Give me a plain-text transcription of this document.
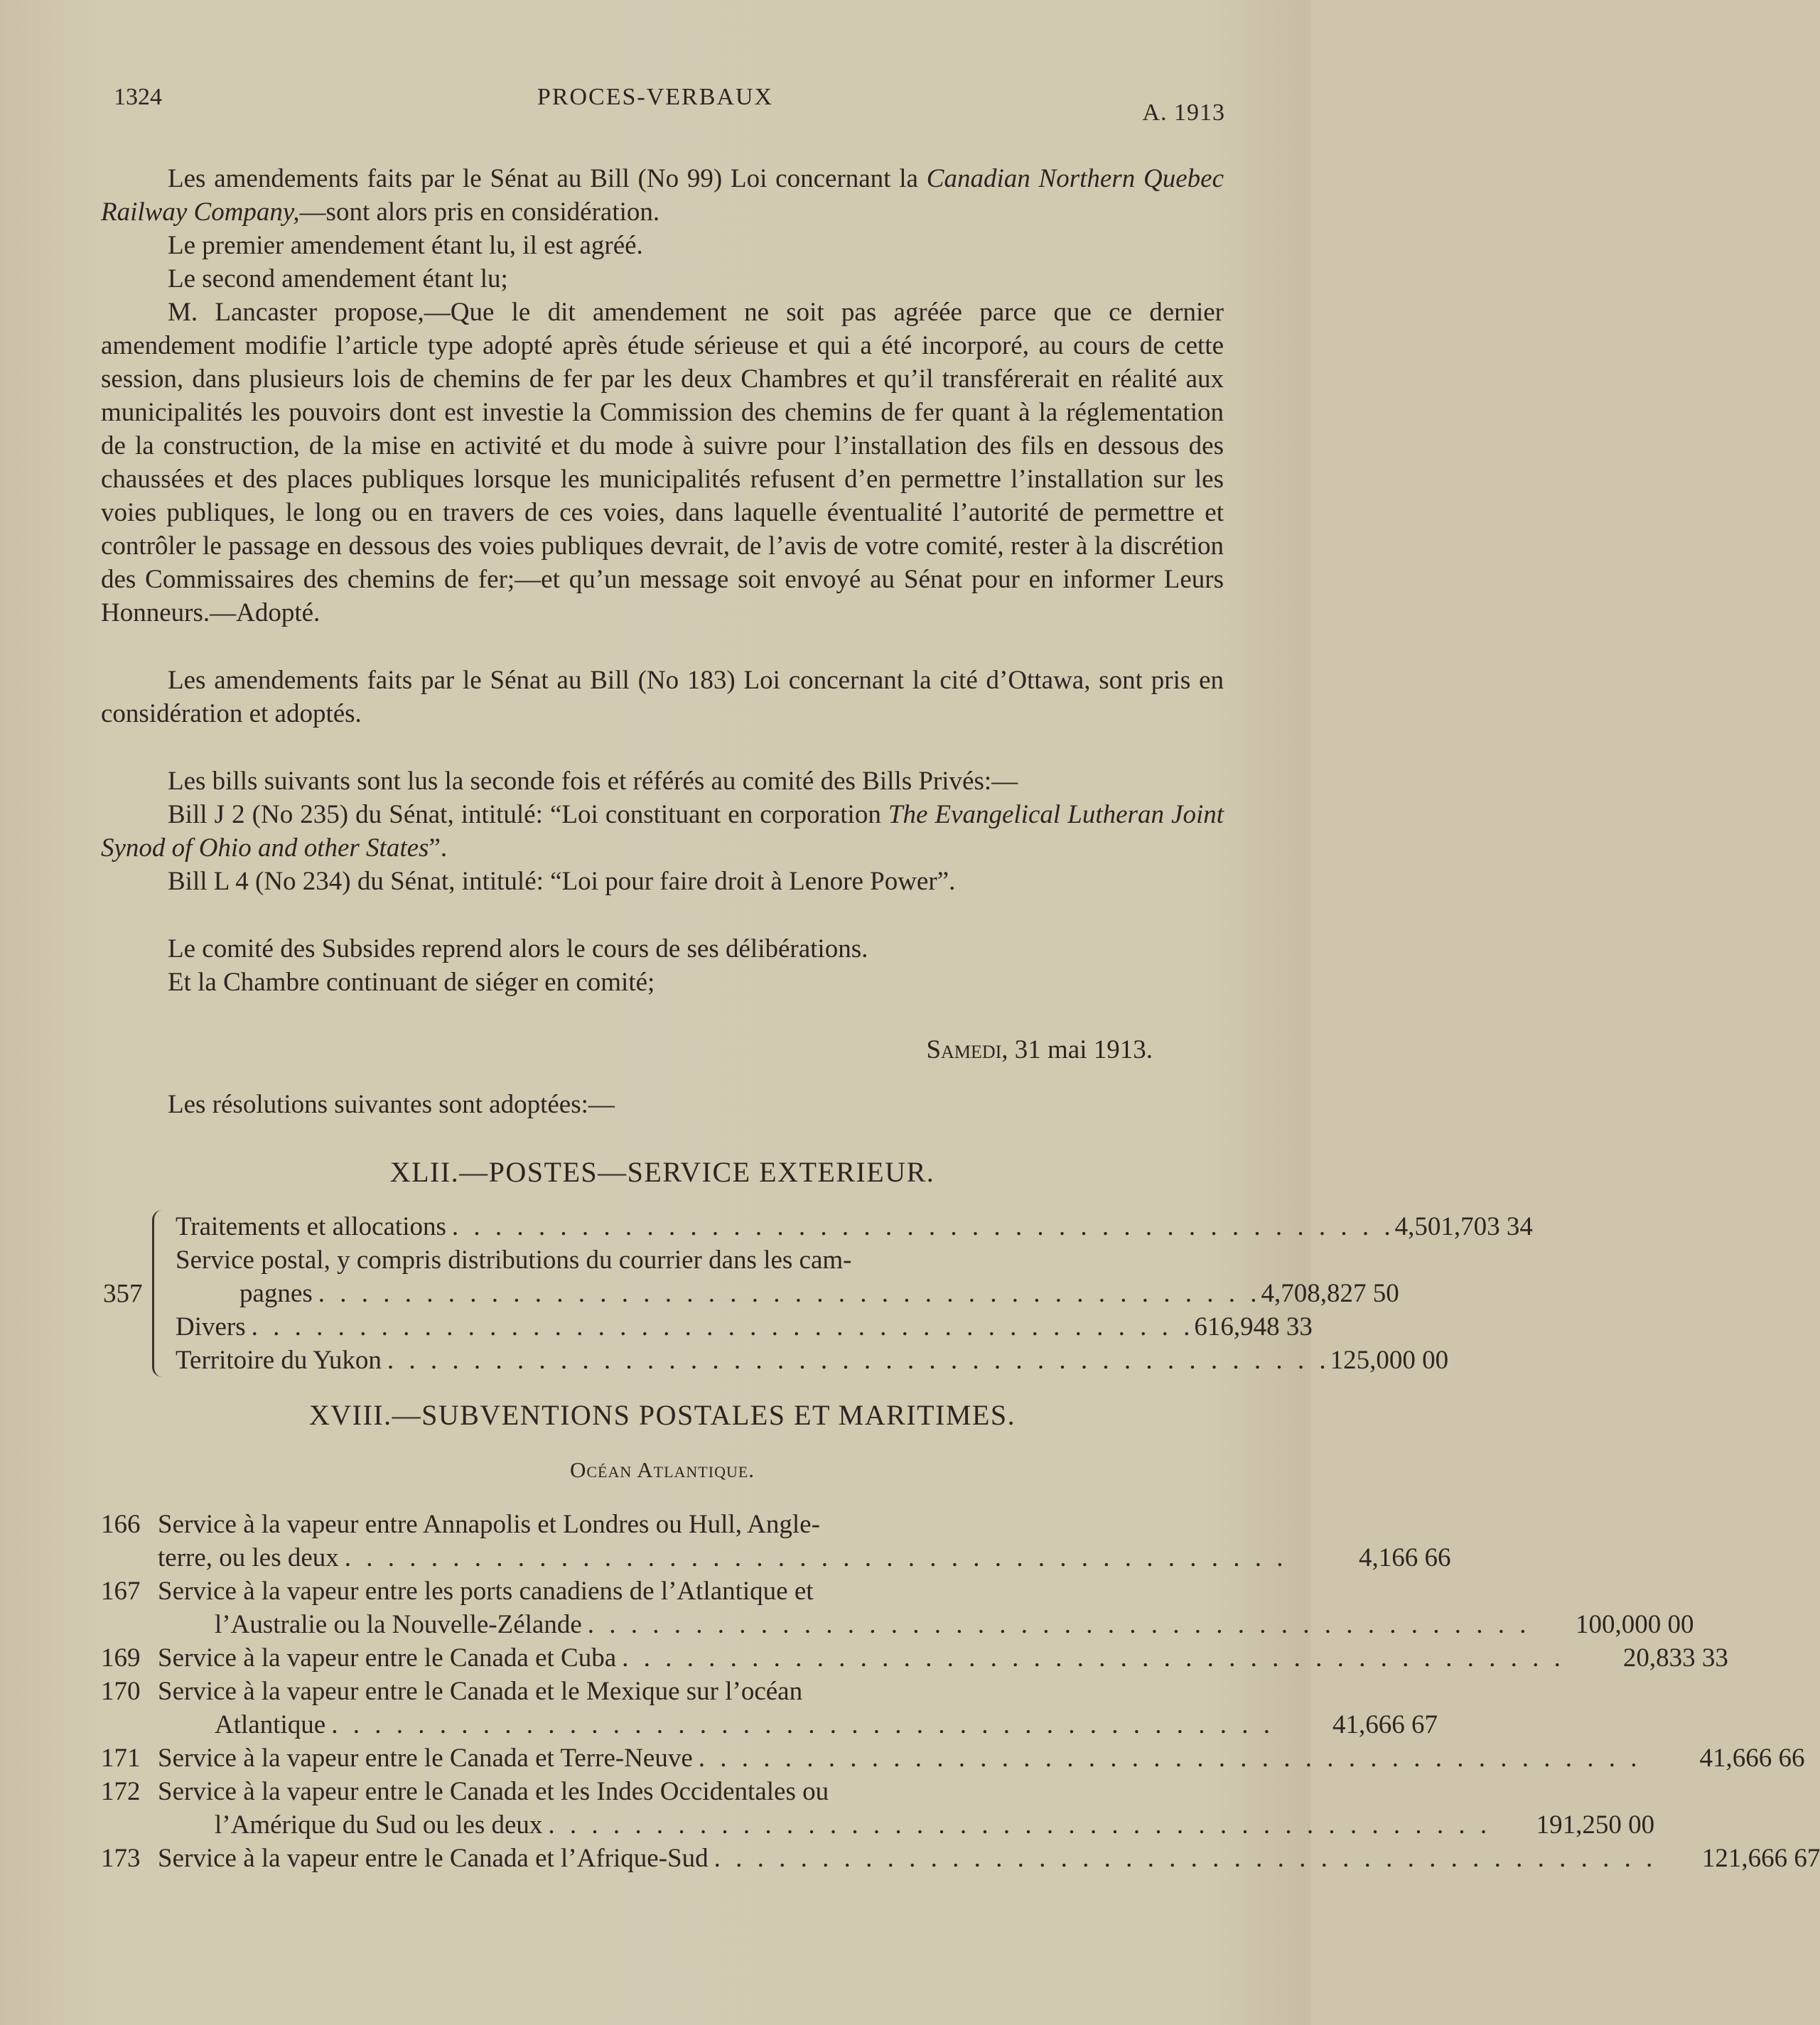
1324	PROCES-VERBAUX
A. 1913

Les amendements faits par le Sénat au Bill (No 99) Loi concernant la Canadian Northern Quebec Railway Company,—sont alors pris en considération.

Le premier amendement étant lu, il est agréé.

Le second amendement étant lu;

M. Lancaster propose,—Que le dit amendement ne soit pas agréée parce que ce dernier amendement modifie l’article type adopté après étude sérieuse et qui a été incorporé, au cours de cette session, dans plusieurs lois de chemins de fer par les deux Chambres et qu’il transférerait en réalité aux municipalités les pouvoirs dont est investie la Commission des chemins de fer quant à la réglementation de la construction, de la mise en activité et du mode à suivre pour l’installation des fils en dessous des chaussées et des places publiques lorsque les municipalités refusent d’en permettre l’installation sur les voies publiques, le long ou en travers de ces voies, dans laquelle éventualité l’autorité de permettre et contrôler le passage en dessous des voies publiques devrait, de l’avis de votre comité, rester à la discrétion des Commissaires des chemins de fer;—et qu’un message soit envoyé au Sénat pour en informer Leurs Honneurs.—Adopté.

Les amendements faits par le Sénat au Bill (No 183) Loi concernant la cité d’Ottawa, sont pris en considération et adoptés.

Les bills suivants sont lus la seconde fois et référés au comité des Bills Privés:—

Bill J 2 (No 235) du Sénat, intitulé: “Loi constituant en corporation The Evangelical Lutheran Joint Synod of Ohio and other States”.

Bill L 4 (No 234) du Sénat, intitulé: “Loi pour faire droit à Lenore Power”.

Le comité des Subsides reprend alors le cours de ses délibérations.

Et la Chambre continuant de siéger en comité;

Samedi, 31 mai 1913.

Les résolutions suivantes sont adoptées:—

XLII.—POSTES—SERVICE EXTERIEUR.

357
Traitements et allocations . . . . . . . . . . . . . . . . . . . . . . . . . . . . . . . . . . . . . . . . . . . . 4,501,703 34
Service postal, y compris distributions du courrier dans les cam-
pagnes . . . . . . . . . . . . . . . . . . . . . . . . . . . . . . . . . . . . . . . . . . . . 4,708,827 50
Divers . . . . . . . . . . . . . . . . . . . . . . . . . . . . . . . . . . . . . . . . . . . . 616,948 33
Territoire du Yukon . . . . . . . . . . . . . . . . . . . . . . . . . . . . . . . . . . . . . . . . . . . . 125,000 00

XVIII.—SUBVENTIONS POSTALES ET MARITIMES.

Océan Atlantique.

166 Service à la vapeur entre Annapolis et Londres ou Hull, Angle-
terre, ou les deux . . . . . . . . . . . . . . . . . . . . . . . . . . . . . . . . . . . . . . . . . . . .	4,166 66
167 Service à la vapeur entre les ports canadiens de l’Atlantique et
l’Australie ou la Nouvelle-Zélande . . . . . . . . . . . . . . . . . . . . . . . . . . . . . . . . . . . . . . . . . . . .	100,000 00
169 Service à la vapeur entre le Canada et Cuba . . . . . . . . . . . . . . . . . . . . . . . . . . . . . . . . . . . . . . . . . . . .	20,833 33
170 Service à la vapeur entre le Canada et le Mexique sur l’océan
Atlantique . . . . . . . . . . . . . . . . . . . . . . . . . . . . . . . . . . . . . . . . . . . .	41,666 67
171 Service à la vapeur entre le Canada et Terre-Neuve . . . . . . . . . . . . . . . . . . . . . . . . . . . . . . . . . . . . . . . . . . . .	41,666 66
172 Service à la vapeur entre le Canada et les Indes Occidentales ou
l’Amérique du Sud ou les deux . . . . . . . . . . . . . . . . . . . . . . . . . . . . . . . . . . . . . . . . . . . .	191,250 00
173 Service à la vapeur entre le Canada et l’Afrique-Sud . . . . . . . . . . . . . . . . . . . . . . . . . . . . . . . . . . . . . . . . . . . .	121,666 67
